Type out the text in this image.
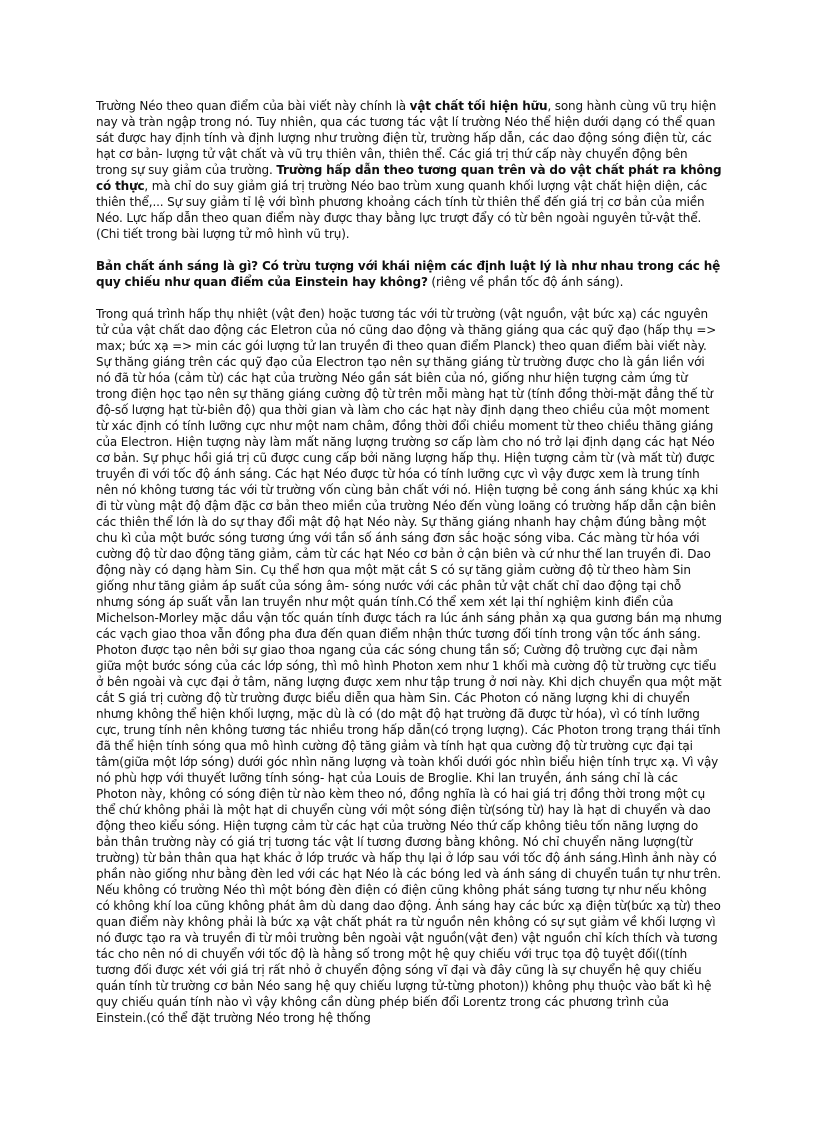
Trường Néo theo quan điểm của bài viết này chính là vật chất tối hiện hữu, song hành cùng vũ trụ hiện nay và tràn ngập trong nó. Tuy nhiên, qua các tương tác vật lí trường Néo thể hiện dưới dạng có thể quan sát được hay định tính và định lượng như trường điện từ, trường hấp dẫn, các dao động sóng điện từ, các hạt cơ bản- lượng tử vật chất và vũ trụ thiên vân, thiên thể. Các giá trị thứ cấp này chuyển động bên trong sự suy giảm của trường. Trường hấp dẫn theo tương quan trên và do vật chất phát ra không có thực, mà chỉ do suy giảm giá trị trường Néo bao trùm xung quanh khối lượng vật chất hiện diện, các thiên thể,... Sự suy giảm tỉ lệ với bình phương khoảng cách tính từ thiên thể đến giá trị cơ bản của miền Néo. Lực hấp dẫn theo quan điểm này được thay bằng lực trượt đẩy có từ bên ngoài nguyên tử-vật thể.(Chi tiết trong bài lượng tử mô hình vũ trụ).

Bản chất ánh sáng là gì? Có trừu tượng với khái niệm các định luật lý là như nhau trong các hệ quy chiếu như quan điểm của Einstein hay không? (riêng về phần tốc độ ánh sáng).

Trong quá trình hấp thụ nhiệt (vật đen) hoặc tương tác với từ trường (vật nguồn, vật bức xạ) các nguyên tử của vật chất dao động các Eletron của nó cũng dao động và thăng giáng qua các quỹ đạo (hấp thụ => max; bức xạ => min các gói lượng tử lan truyền đi theo quan điểm Planck) theo quan điểm bài viết này. Sự thăng giáng trên các quỹ đạo của Electron tạo nên sự thăng giáng từ trường được cho là gắn liền với nó đã từ hóa (cảm từ) các hạt của trường Néo gần sát biên của nó, giống như hiện tượng cảm ứng từ trong điện học tạo nên sự thăng giáng cường độ từ trên mỗi màng hạt từ (tính đồng thời-mặt đẳng thế từ độ-số lượng hạt từ-biên độ) qua thời gian và làm cho các hạt này định dạng theo chiều của một moment từ xác định có tính lưỡng cực như một nam châm, đồng thời đổi chiều moment từ theo chiều thăng giáng của Electron. Hiện tượng này làm mất năng lượng trường sơ cấp làm cho nó trở lại định dạng các hạt Néo cơ bản. Sự phục hồi giá trị cũ được cung cấp bởi năng lượng hấp thụ. Hiện tượng cảm từ (và mất từ) được truyền đi với tốc độ ánh sáng. Các hạt Néo được từ hóa có tính lưỡng cực vì vậy được xem là trung tính nên nó không tương tác với từ trường vốn cùng bản chất với nó. Hiện tượng bẻ cong ánh sáng khúc xạ khi đi từ vùng mật độ đậm đặc cơ bản theo miền của trường Néo đến vùng loãng có trường hấp dẫn cận biên các thiên thể lớn là do sự thay đổi mật độ hạt Néo này. Sự thăng giáng nhanh hay chậm đúng bằng một chu kì của một bước sóng tương ứng với tần số ánh sáng đơn sắc hoặc sóng viba. Các màng từ hóa với cường độ từ dao động tăng giảm, cảm từ các hạt Néo cơ bản ở cận biên và cứ như thế lan truyền đi. Dao động này có dạng hàm Sin. Cụ thể hơn qua một mặt cắt S có sự tăng giảm cường độ từ theo hàm Sin giống như tăng giảm áp suất của sóng âm- sóng nước với các phân tử vật chất chỉ dao động tại chỗ nhưng sóng áp suất vẫn lan truyền như một quán tính.Có thể xem xét lại thí nghiệm kinh điển của Michelson-Morley mặc dầu vận tốc quán tính được tách ra lúc ánh sáng phản xạ qua gương bán mạ nhưng các vạch giao thoa vẫn đồng pha đưa đến quan điểm nhận thức tương đối tính trong vận tốc ánh sáng. Photon được tạo nên bởi sự giao thoa ngang của các sóng chung tần số; Cường độ trường cực đại nằm giữa một bước sóng của các lớp sóng, thì mô hình Photon xem như 1 khối mà cường độ từ trường cực tiểu ở bên ngoài và cực đại ở tâm, năng lượng được xem như tập trung ở nơi này. Khi dịch chuyển qua một mặt cắt S giá trị cường độ từ trường được biểu diễn qua hàm Sin. Các Photon có năng lượng khi di chuyển nhưng không thể hiện khối lượng, mặc dù là có (do mật độ hạt trường đã được từ hóa), vì có tính lưỡng cực, trung tính nên không tương tác nhiều trong hấp dẫn(có trọng lượng). Các Photon trong trạng thái tĩnh đã thể hiện tính sóng qua mô hình cường độ tăng giảm và tính hạt qua cường độ từ trường cực đại tại tâm(giữa một lớp sóng) dưới góc nhìn năng lượng và toàn khối dưới góc nhìn biểu hiện tính trực xạ. Vì vậy nó phù hợp với thuyết lưỡng tính sóng- hạt của Louis de Broglie. Khi lan truyền, ánh sáng chỉ là các Photon này, không có sóng điện từ nào kèm theo nó, đồng nghĩa là có hai giá trị đồng thời trong một cụ thể chứ không phải là một hạt di chuyển cùng với một sóng điện từ(sóng từ) hay là hạt di chuyển và dao động theo kiểu sóng. Hiện tượng cảm từ các hạt của trường Néo thứ cấp không tiêu tốn năng lượng do bản thân trường này có giá trị tương tác vật lí tương đương bằng không. Nó chỉ chuyển năng lượng(từ trường) từ bản thân qua hạt khác ở lớp trước và hấp thụ lại ở lớp sau với tốc độ ánh sáng.Hình ảnh này có phần nào giống như bằng đèn led với các hạt Néo là các bóng led và ánh sáng di chuyển tuần tự như trên. Nếu không có trường Néo thì một bóng đèn điện có điện cũng không phát sáng tương tự như nếu không có không khí loa cũng không phát âm dù dang dao động. Ánh sáng hay các bức xạ điện từ(bức xạ từ) theo quan điểm này không phải là bức xạ vật chất phát ra từ nguồn nên không có sự sụt giảm về khối lượng vì nó được tạo ra và truyền đi từ môi trường bên ngoài vật nguồn(vật đen) vật nguồn chỉ kích thích và tương tác cho nên nó di chuyển với tốc độ là hằng số trong một hệ quy chiếu với trục tọa độ tuyệt đối((tính tương đối được xét với giá trị rất nhỏ ở chuyển động sóng vĩ đại và đây cũng là sự chuyển hệ quy chiếu quán tính từ trường cơ bản Néo sang hệ quy chiếu lượng tử-từng photon)) không phụ thuộc vào bất kì hệ quy chiếu quán tính nào vì vậy không cần dùng phép biến đổi Lorentz trong các phương trình của Einstein.(có thể đặt trường Néo trong hệ thống
